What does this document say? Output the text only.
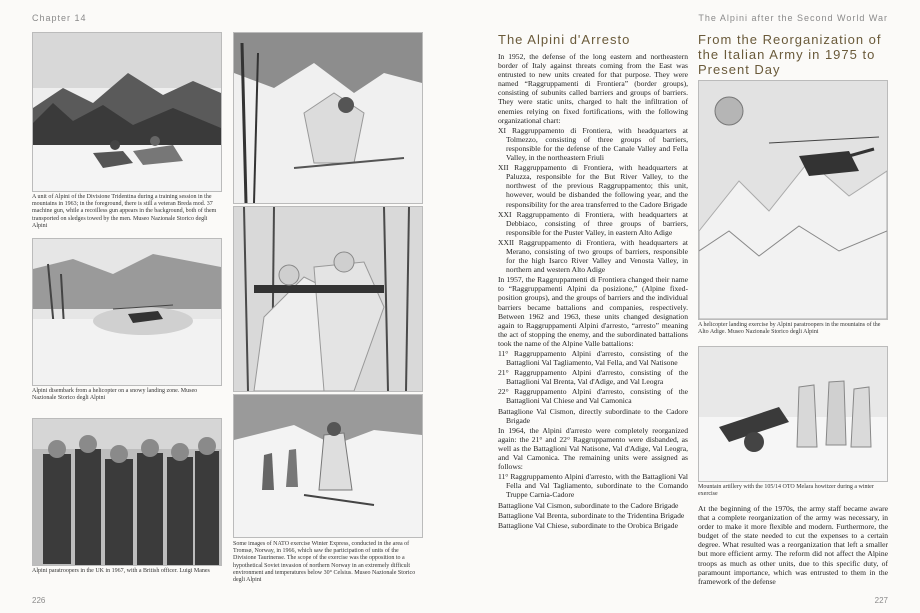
Chapter 14
A unit of Alpini of the Divisione Tridentina during a training session in the mountains in 1963; in the foreground, there is still a veteran Breda mod. 37 machine gun, while a recoilless gun appears in the background, both of them transported on sledges towed by the men. Museo Nazionale Storico degli Alpini
Alpini disembark from a helicopter on a snowy landing zone. Museo Nazionale Storico degli Alpini
Alpini paratroopers in the UK in 1967, with a British officer. Luigi Manes
Some images of NATO exercise Winter Express, conducted in the area of Tromsø, Norway, in 1966, which saw the participation of units of the Divisione Taurinense. The scope of the exercise was the opposition to a hypothetical Soviet invasion of northern Norway in an extremely difficult environment and temperatures below 30° Celsius. Museo Nazionale Storico degli Alpini
226
The Alpini after the Second World War
The Alpini d'Arresto

In 1952, the defense of the long eastern and northeastern border of Italy against threats coming from the East was entrusted to new units created for that purpose. They were named “Raggruppamenti di Frontiera” (border groups), consisting of subunits called barriers and groups of barriers. They were static units, charged to halt the infiltration of enemies relying on fixed fortifications, with the following organizational chart:

XI Raggruppamento di Frontiera, with headquarters at Tolmezzo, consisting of three groups of barriers, responsible for the defense of the Canale Valley and Fella Valley, in the northeastern Friuli

XII Raggruppamento di Frontiera, with headquarters at Paluzza, responsible for the But River Valley, to the northwest of the previous Raggruppamento; this unit, however, would be disbanded the following year, and the responsibility for the area transferred to the Cadore Brigade

XXI Raggruppamento di Frontiera, with headquarters at Debbiaco, consisting of three groups of barriers, responsible for the Puster Valley, in eastern Alto Adige

XXII Raggruppamento di Frontiera, with headquarters at Merano, consisting of two groups of barriers, responsible for the high Isarco River Valley and Venosta Valley, in northern and western Alto Adige

In 1957, the Raggruppamenti di Frontiera changed their name to “Raggruppamenti Alpini da posizione,” (Alpine fixed-position groups), and the groups of barriers and the individual barriers became battalions and companies, respectively. Between 1962 and 1963, these units changed designation again to Raggruppamenti Alpini d'arresto, “arresto” meaning the act of stopping the enemy, and the subordinated battalions took the name of the Alpine Valle battalions:

11° Raggruppamento Alpini d'arresto, consisting of the Battaglioni Val Tagliamento, Val Fella, and Val Natisone

21° Raggruppamento Alpini d'arresto, consisting of the Battaglioni Val Brenta, Val d'Adige, and Val Leogra

22° Raggruppamento Alpini d'arresto, consisting of the Battaglioni Val Chiese and Val Camonica

Battaglione Val Cismon, directly subordinate to the Cadore Brigade

In 1964, the Alpini d'arresto were completely reorganized again: the 21° and 22° Raggruppamento were disbanded, as well as the Battaglioni Val Natisone, Val d'Adige, Val Leogra, and Val Camonica. The remaining units were assigned as follows:

11° Raggruppamento Alpini d'arresto, with the Battaglioni Val Fella and Val Tagliamento, subordinate to the Comando Truppe Carnia-Cadore

Battaglione Val Cismon, subordinate to the Cadore Brigade

Battaglione Val Brenta, subordinate to the Tridentina Brigade

Battaglione Val Chiese, subordinate to the Orobica Brigade

From the Reorganization of the Italian Army in 1975 to Present Day
A helicopter landing exercise by Alpini paratroopers in the mountains of the Alto Adige. Museo Nazionale Storico degli Alpini
Mountain artillery with the 105/14 OTO Melara howitzer during a winter exercise

At the beginning of the 1970s, the army staff became aware that a complete reorganization of the army was necessary, in order to make it more flexible and modern. Furthermore, the budget of the state needed to cut the expenses to a certain degree. What resulted was a reorganization that left a smaller but more efficient army. The reform did not affect the Alpine troops as much as other units, due to this specific duty, of paramount importance, which was entrusted to them in the framework of the defense

227
